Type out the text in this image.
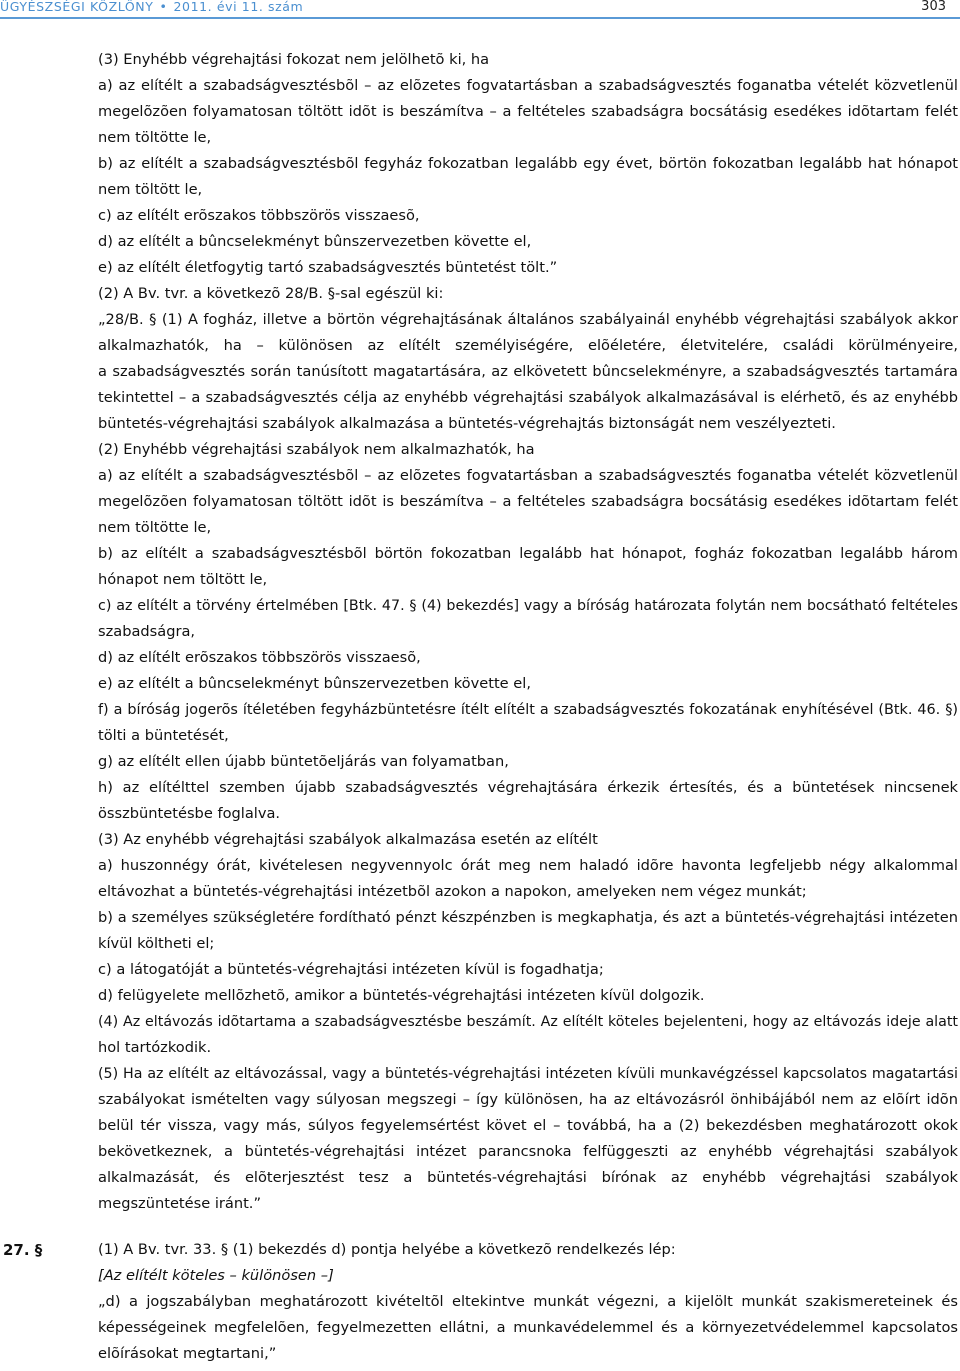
ÜGYÉSZSÉGI KÖZLÖNY • 2011. évi 11. szám	303
(3) Enyhébb végrehajtási fokozat nem jelölhetõ ki, ha
a) az elítélt a szabadságvesztésbõl – az elõzetes fogvatartásban a szabadságvesztés foganatba vételét közvetlenül
megelõzõen folyamatosan töltött idõt is beszámítva – a feltételes szabadságra bocsátásig esedékes idõtartam felét
nem töltötte le,
b) az elítélt a szabadságvesztésbõl fegyház fokozatban legalább egy évet, börtön fokozatban legalább hat hónapot
nem töltött le,
c) az elítélt erõszakos többszörös visszaesõ,
d) az elítélt a bûncselekményt bûnszervezetben követte el,
e) az elítélt életfogytig tartó szabadságvesztés büntetést tölt.”
(2) A Bv. tvr. a következõ 28/B. §-sal egészül ki:
„28/B. § (1) A fogház, illetve a börtön végrehajtásának általános szabályainál enyhébb végrehajtási szabályok akkor
alkalmazhatók, ha – különösen az elítélt személyiségére, elõéletére, életvitelére, családi körülményeire,
a szabadságvesztés során tanúsított magatartására, az elkövetett bûncselekményre, a szabadságvesztés tartamára
tekintettel – a szabadságvesztés célja az enyhébb végrehajtási szabályok alkalmazásával is elérhetõ, és az enyhébb
büntetés-végrehajtási szabályok alkalmazása a büntetés-végrehajtás biztonságát nem veszélyezteti.
(2) Enyhébb végrehajtási szabályok nem alkalmazhatók, ha
a) az elítélt a szabadságvesztésbõl – az elõzetes fogvatartásban a szabadságvesztés foganatba vételét közvetlenül
megelõzõen folyamatosan töltött idõt is beszámítva – a feltételes szabadságra bocsátásig esedékes idõtartam felét
nem töltötte le,
b) az elítélt a szabadságvesztésbõl börtön fokozatban legalább hat hónapot, fogház fokozatban legalább három
hónapot nem töltött le,
c) az elítélt a törvény értelmében [Btk. 47. § (4) bekezdés] vagy a bíróság határozata folytán nem bocsátható feltételes
szabadságra,
d) az elítélt erõszakos többszörös visszaesõ,
e) az elítélt a bûncselekményt bûnszervezetben követte el,
f) a bíróság jogerõs ítéletében fegyházbüntetésre ítélt elítélt a szabadságvesztés fokozatának enyhítésével (Btk. 46. §)
tölti a büntetését,
g) az elítélt ellen újabb büntetõeljárás van folyamatban,
h) az elítélttel szemben újabb szabadságvesztés végrehajtására érkezik értesítés, és a büntetések nincsenek
összbüntetésbe foglalva.
(3) Az enyhébb végrehajtási szabályok alkalmazása esetén az elítélt
a) huszonnégy órát, kivételesen negyvennyolc órát meg nem haladó idõre havonta legfeljebb négy alkalommal
eltávozhat a büntetés-végrehajtási intézetbõl azokon a napokon, amelyeken nem végez munkát;
b) a személyes szükségletére fordítható pénzt készpénzben is megkaphatja, és azt a büntetés-végrehajtási intézeten
kívül költheti el;
c) a látogatóját a büntetés-végrehajtási intézeten kívül is fogadhatja;
d) felügyelete mellõzhetõ, amikor a büntetés-végrehajtási intézeten kívül dolgozik.
(4) Az eltávozás idõtartama a szabadságvesztésbe beszámít. Az elítélt köteles bejelenteni, hogy az eltávozás ideje alatt
hol tartózkodik.
(5) Ha az elítélt az eltávozással, vagy a büntetés-végrehajtási intézeten kívüli munkavégzéssel kapcsolatos magatartási
szabályokat ismételten vagy súlyosan megszegi – így különösen, ha az eltávozásról önhibájából nem az elõírt idõn
belül tér vissza, vagy más, súlyos fegyelemsértést követ el – továbbá, ha a (2) bekezdésben meghatározott okok
bekövetkeznek, a büntetés-végrehajtási intézet parancsnoka felfüggeszti az enyhébb végrehajtási szabályok
alkalmazását, és elõterjesztést tesz a büntetés-végrehajtási bírónak az enyhébb végrehajtási szabályok
megszüntetése iránt.”
27. §	(1) A Bv. tvr. 33. § (1) bekezdés d) pontja helyébe a következõ rendelkezés lép:
[Az elítélt köteles – különösen –]
„d) a jogszabályban meghatározott kivételtõl eltekintve munkát végezni, a kijelölt munkát szakismereteinek és
képességeinek megfelelõen, fegyelmezetten ellátni, a munkavédelemmel és a környezetvédelemmel kapcsolatos
elõírásokat megtartani,”
